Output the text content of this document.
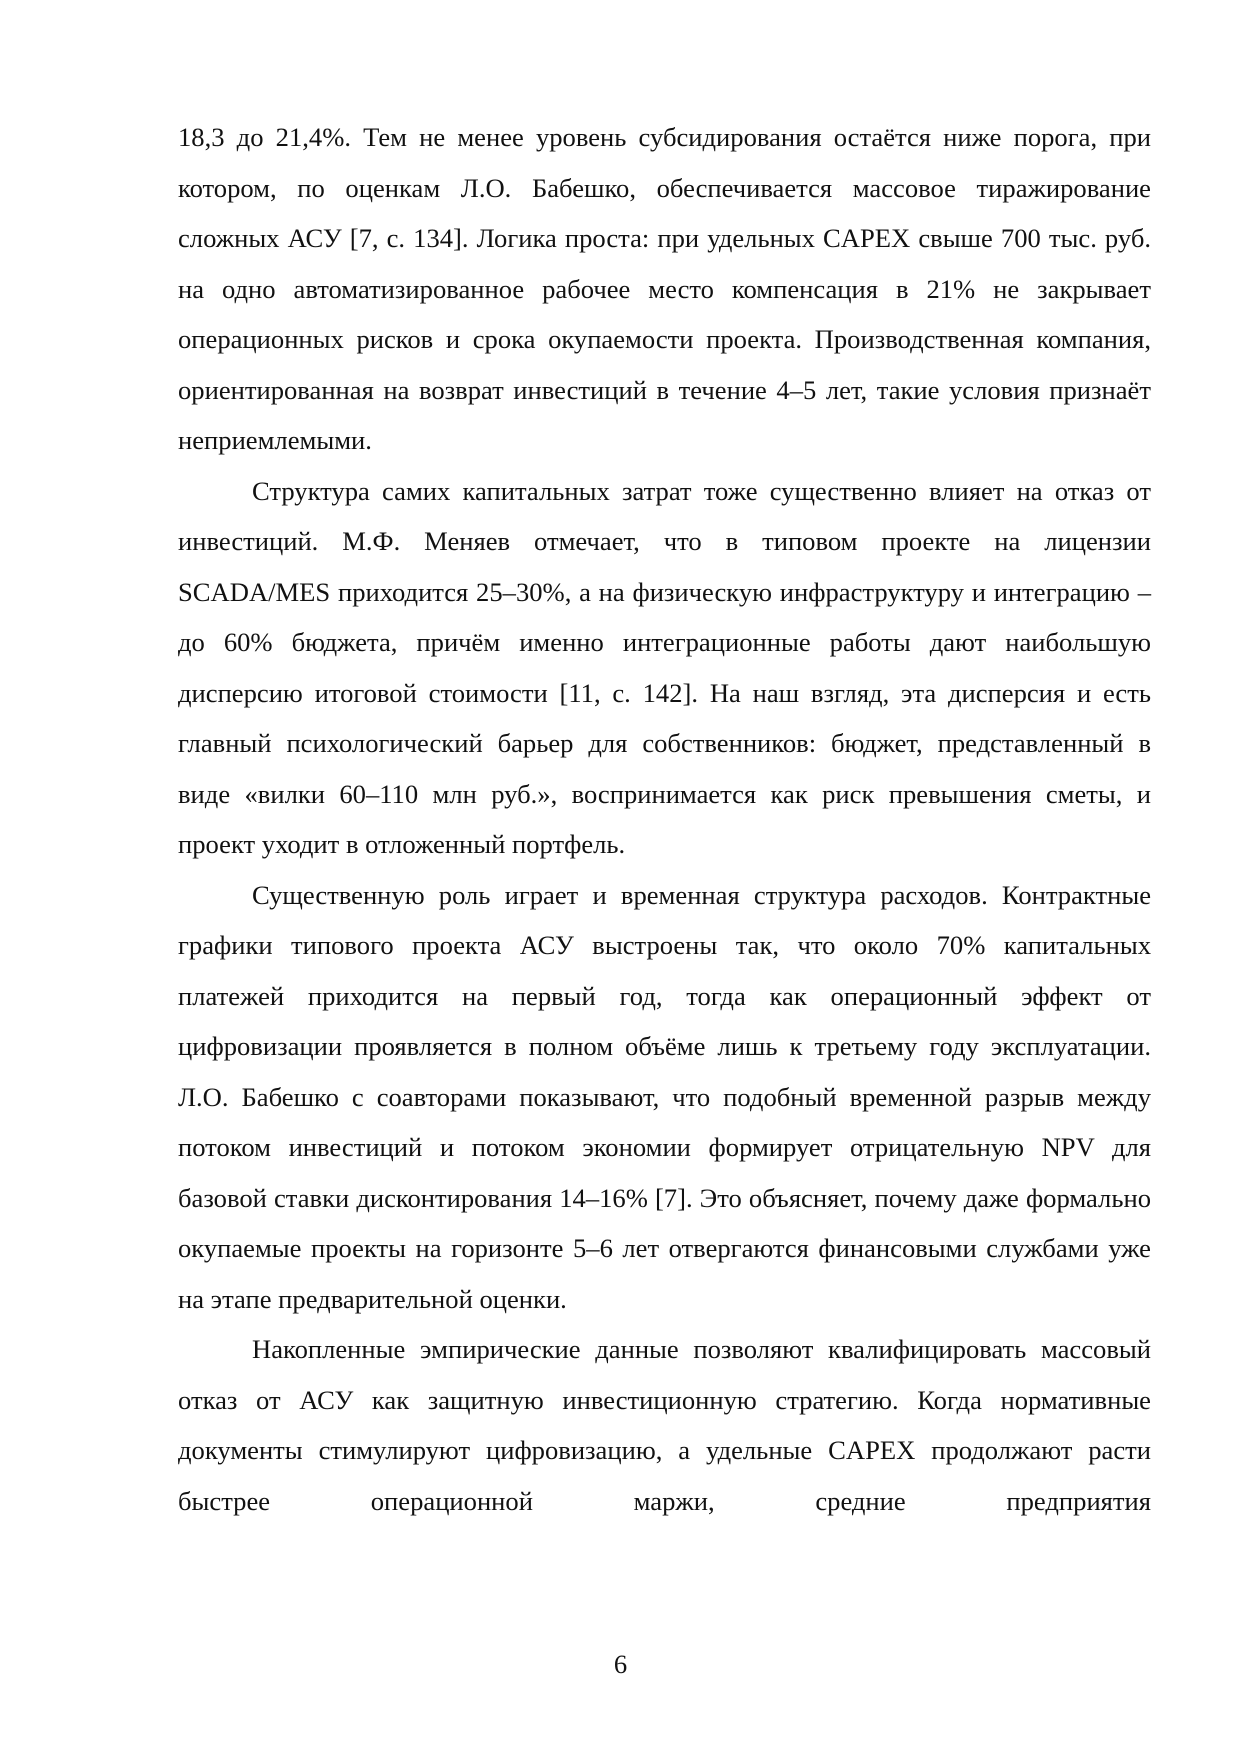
18,3 до 21,4%. Тем не менее уровень субсидирования остаётся ниже порога, при котором, по оценкам Л.О. Бабешко, обеспечивается массовое тиражирование сложных АСУ [7, с. 134]. Логика проста: при удельных CAPEX свыше 700 тыс. руб. на одно автоматизированное рабочее место компенсация в 21% не закрывает операционных рисков и срока окупаемости проекта. Производственная компания, ориентированная на возврат инвестиций в течение 4–5 лет, такие условия признаёт неприемлемыми.

Структура самих капитальных затрат тоже существенно влияет на отказ от инвестиций. М.Ф. Меняев отмечает, что в типовом проекте на лицензии SCADA/MES приходится 25–30%, а на физическую инфраструктуру и интеграцию – до 60% бюджета, причём именно интеграционные работы дают наибольшую дисперсию итоговой стоимости [11, с. 142]. На наш взгляд, эта дисперсия и есть главный психологический барьер для собственников: бюджет, представленный в виде «вилки 60–110 млн руб.», воспринимается как риск превышения сметы, и проект уходит в отложенный портфель.

Существенную роль играет и временная структура расходов. Контрактные графики типового проекта АСУ выстроены так, что около 70% капитальных платежей приходится на первый год, тогда как операционный эффект от цифровизации проявляется в полном объёме лишь к третьему году эксплуатации. Л.О. Бабешко с соавторами показывают, что подобный временной разрыв между потоком инвестиций и потоком экономии формирует отрицательную NPV для базовой ставки дисконтирования 14–16% [7]. Это объясняет, почему даже формально окупаемые проекты на горизонте 5–6 лет отвергаются финансовыми службами уже на этапе предварительной оценки.

Накопленные эмпирические данные позволяют квалифицировать массовый отказ от АСУ как защитную инвестиционную стратегию. Когда нормативные документы стимулируют цифровизацию, а удельные CAPEX продолжают расти быстрее операционной маржи, средние предприятия

6
